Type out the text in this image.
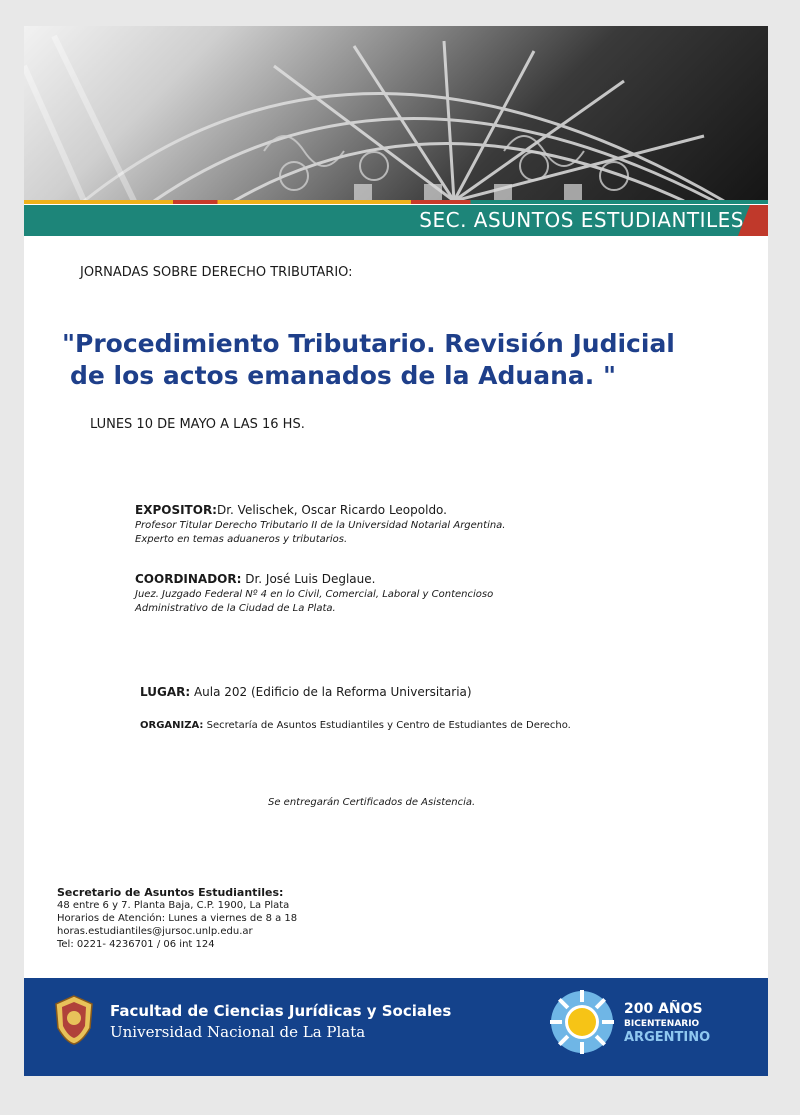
SEC. ASUNTOS ESTUDIANTILES
JORNADAS SOBRE DERECHO TRIBUTARIO:
"Procedimiento Tributario. Revisión Judicial
de los actos emanados de la Aduana. "
LUNES 10 DE MAYO A LAS 16 HS.
EXPOSITOR:Dr. Velischek, Oscar Ricardo Leopoldo.
Profesor Titular Derecho Tributario II de la Universidad Notarial Argentina.
Experto en temas aduaneros y tributarios.
COORDINADOR: Dr. José Luis Deglaue.
Juez. Juzgado Federal Nº 4 en lo Civil, Comercial, Laboral y Contencioso
Administrativo de la Ciudad de La Plata.
LUGAR: Aula 202 (Edificio de la Reforma Universitaria)
ORGANIZA: Secretaría de Asuntos Estudiantiles y Centro de Estudiantes de Derecho.
Se entregarán Certificados de Asistencia.
Secretario de Asuntos Estudiantiles:
48 entre 6 y 7. Planta Baja, C.P. 1900, La Plata
Horarios de Atención: Lunes a viernes de 8 a 18
horas.estudiantiles@jursoc.unlp.edu.ar
Tel: 0221- 4236701 / 06 int 124
Facultad de Ciencias Jurídicas y Sociales
Universidad Nacional de La Plata
200 AÑOS
BICENTENARIO
ARGENTINO
